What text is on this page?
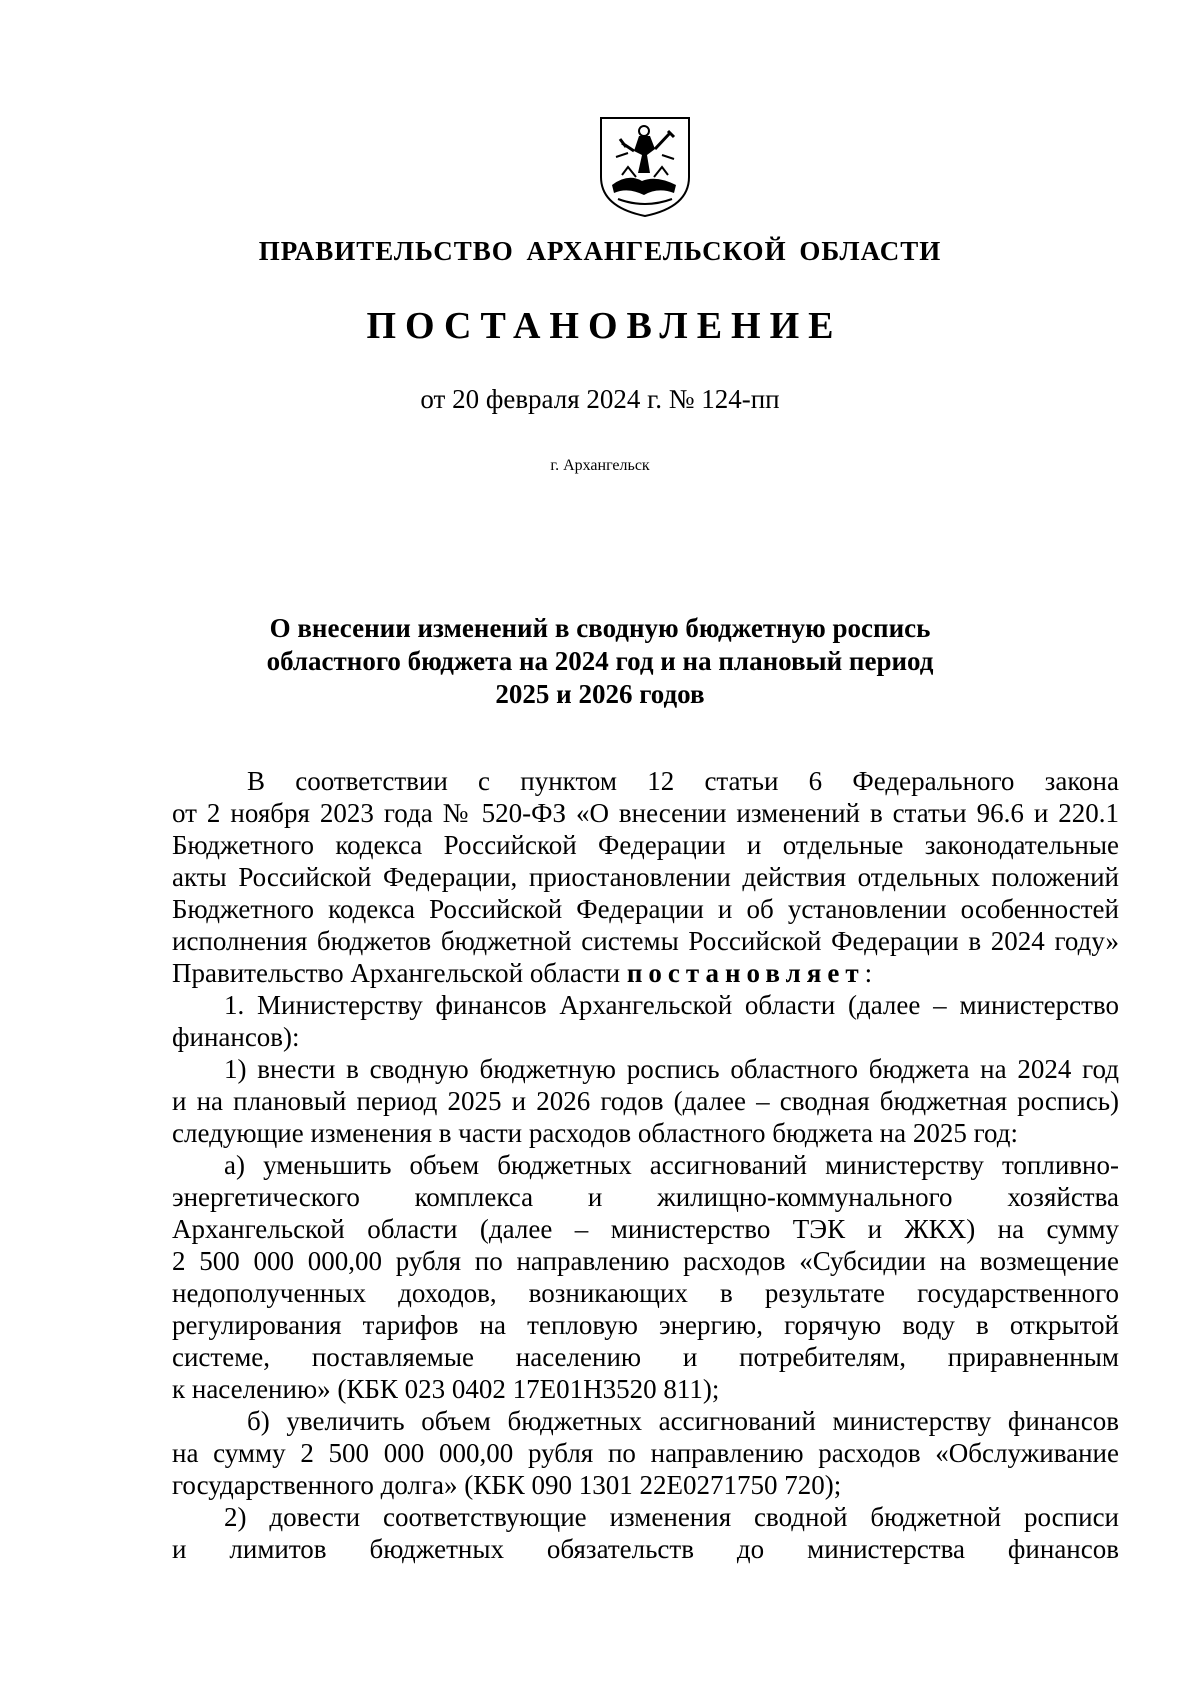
ПРАВИТЕЛЬСТВО АРХАНГЕЛЬСКОЙ ОБЛАСТИ
ПОСТАНОВЛЕНИЕ
от 20 февраля 2024 г. № 124-пп
г. Архангельск
О внесении изменений в сводную бюджетную роспись
областного бюджета на 2024 год и на плановый период
2025 и 2026 годов
В соответствии с пунктом 12 статьи 6 Федерального закона
от 2 ноября 2023 года № 520-ФЗ «О внесении изменений в статьи 96.6 и 220.1
Бюджетного кодекса Российской Федерации и отдельные законодательные
акты Российской Федерации, приостановлении действия отдельных положений
Бюджетного кодекса Российской Федерации и об установлении особенностей
исполнения бюджетов бюджетной системы Российской Федерации в 2024 году»
Правительство Архангельской области постановляет:
1. Министерству финансов Архангельской области (далее – министерство
финансов):
1) внести в сводную бюджетную роспись областного бюджета на 2024 год
и на плановый период 2025 и 2026 годов (далее – сводная бюджетная роспись)
следующие изменения в части расходов областного бюджета на 2025 год:
а) уменьшить объем бюджетных ассигнований министерству топливно-
энергетического комплекса и жилищно-коммунального хозяйства
Архангельской области (далее – министерство ТЭК и ЖКХ) на сумму
2 500 000 000,00 рубля по направлению расходов «Субсидии на возмещение
недополученных доходов, возникающих в результате государственного
регулирования тарифов на тепловую энергию, горячую воду в открытой
системе, поставляемые населению и потребителям, приравненным
к населению» (КБК 023 0402 17Е01Н3520 811);
б) увеличить объем бюджетных ассигнований министерству финансов
на сумму 2 500 000 000,00 рубля по направлению расходов «Обслуживание
государственного долга» (КБК 090 1301 22Е0271750 720);
2) довести соответствующие изменения сводной бюджетной росписи
и лимитов бюджетных обязательств до министерства финансов
